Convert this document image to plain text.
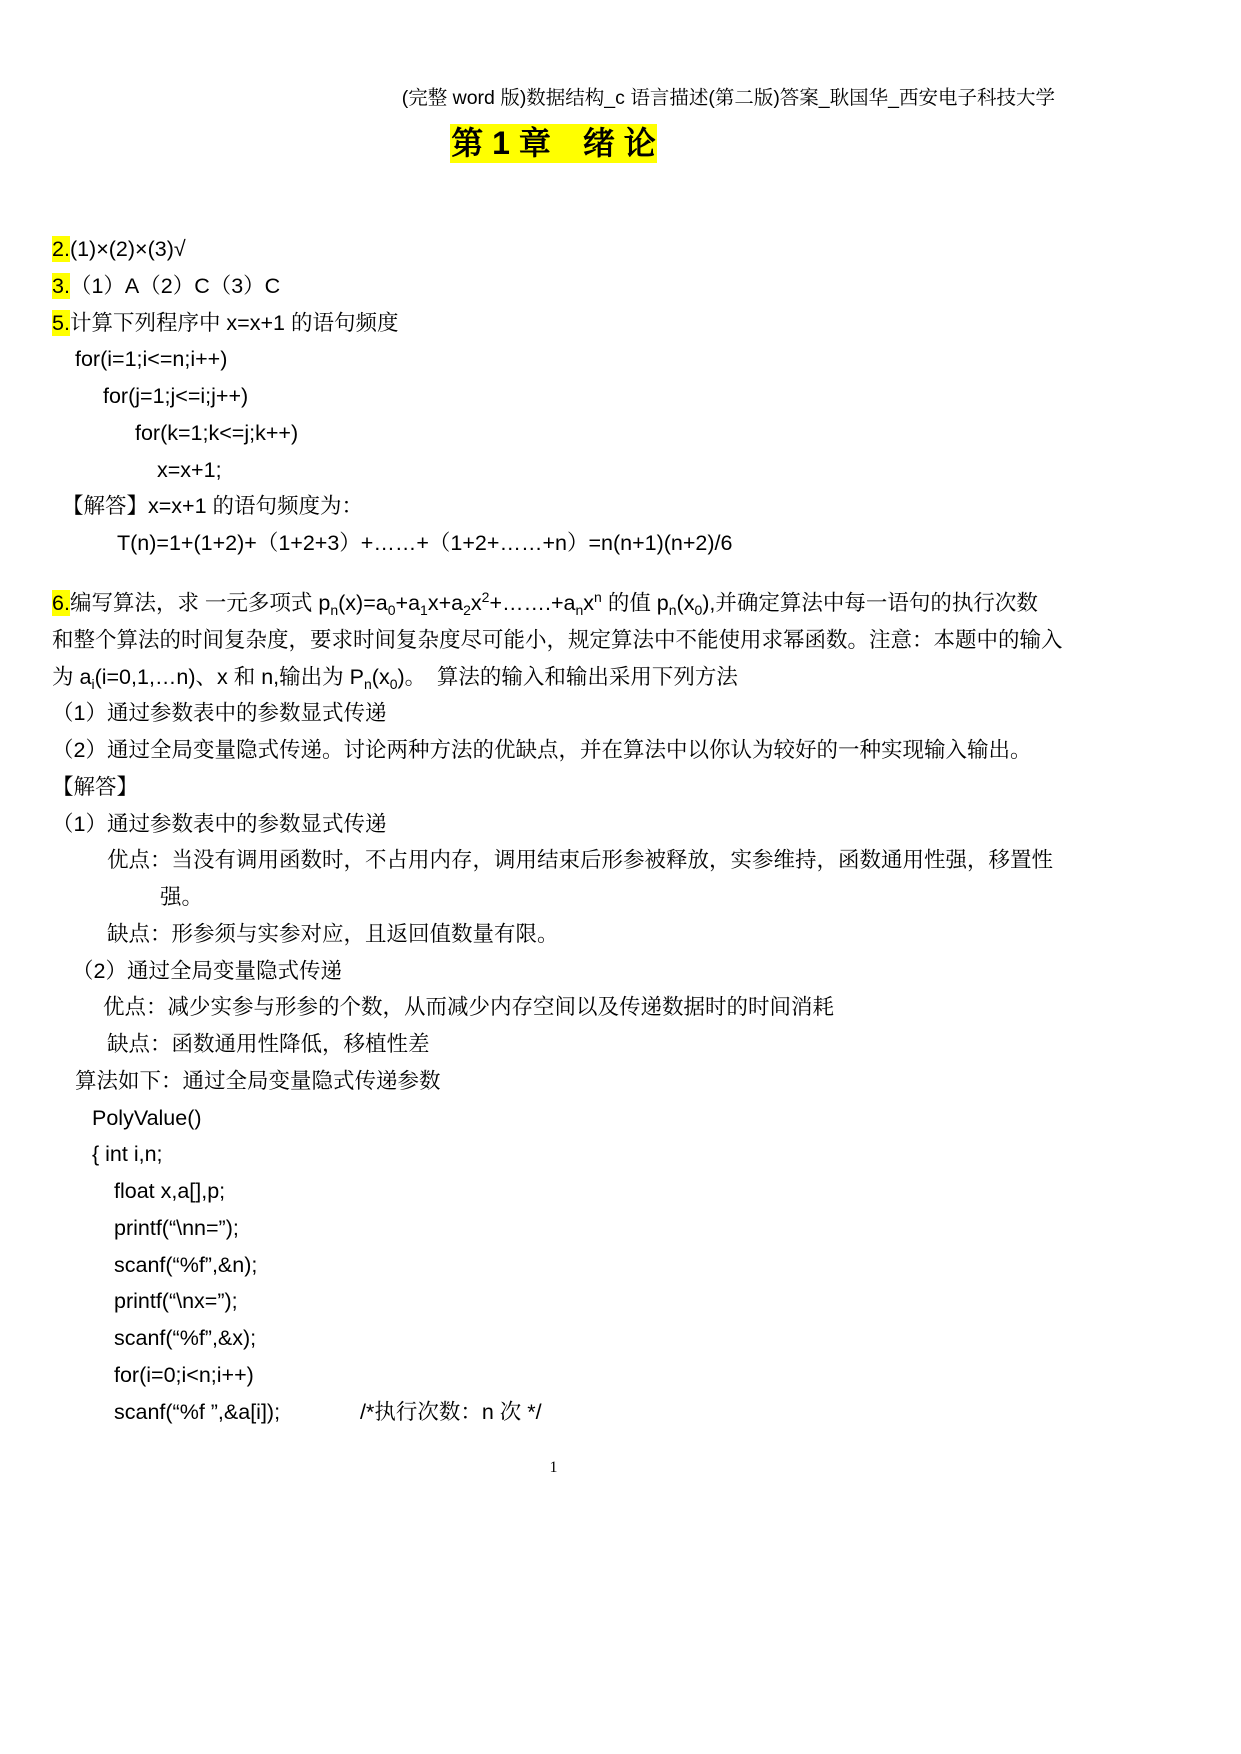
(完整 word 版)数据结构_c 语言描述(第二版)答案_耿国华_西安电子科技大学
第 1 章　绪 论
2.(1)×(2)×(3)√
3.（1）A（2）C（3）C
5.计算下列程序中 x=x+1 的语句频度
for(i=1;i<=n;i++)
for(j=1;j<=i;j++)
for(k=1;k<=j;k++)
x=x+1;
【解答】x=x+1 的语句频度为：
T(n)=1+(1+2)+（1+2+3）+……+（1+2+……+n）=n(n+1)(n+2)/6
6.编写算法，求 一元多项式 $p_n(x)=a_0+a_1x+a_2x^2+\dots\dots.+a_nx^n$ 的值 $p_n(x_0)$,并确定算法中每一语句的执行次数
和整个算法的时间复杂度，要求时间复杂度尽可能小，规定算法中不能使用求幂函数。注意：本题中的输入
为 $a_i(i=0,1,\dots n)$、x 和 n,输出为 $P_n(x_0)$。　算法的输入和输出采用下列方法
（1）通过参数表中的参数显式传递
（2）通过全局变量隐式传递。讨论两种方法的优缺点，并在算法中以你认为较好的一种实现输入输出。
【解答】
（1）通过参数表中的参数显式传递
优点：当没有调用函数时，不占用内存，调用结束后形参被释放，实参维持，函数通用性强，移置性
强。
缺点：形参须与实参对应，且返回值数量有限。
（2）通过全局变量隐式传递
优点：减少实参与形参的个数，从而减少内存空间以及传递数据时的时间消耗
缺点：函数通用性降低，移植性差
算法如下：通过全局变量隐式传递参数
PolyValue()
{ int i,n;
float x,a[],p;
printf(“\nn=”);
scanf(“%f”,&n);
printf(“\nx=”);
scanf(“%f”,&x);
for(i=0;i<n;i++)
scanf(“%f ”,&a[i]);	/*执行次数：n 次 */
1
